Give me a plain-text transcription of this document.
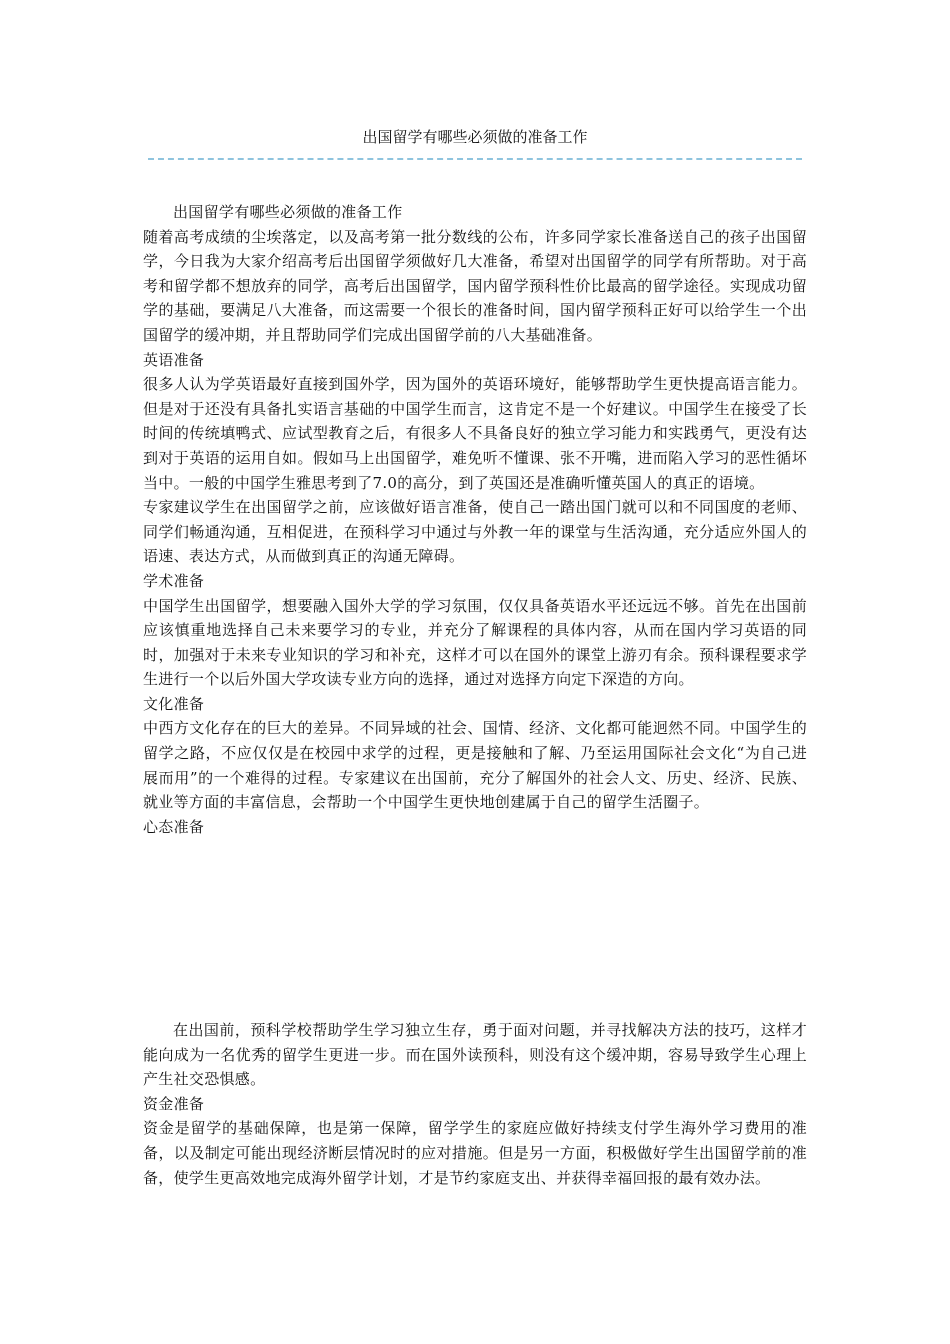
出国留学有哪些必须做的准备工作

出国留学有哪些必须做的准备工作

随着高考成绩的尘埃落定，以及高考第一批分数线的公布，许多同学家长准备送自己的孩子出国留学，今日我为大家介绍高考后出国留学须做好几大准备，希望对出国留学的同学有所帮助。对于高考和留学都不想放弃的同学，高考后出国留学，国内留学预科性价比最高的留学途径。实现成功留学的基础，要满足八大准备，而这需要一个很长的准备时间，国内留学预科正好可以给学生一个出国留学的缓冲期，并且帮助同学们完成出国留学前的八大基础准备。

英语准备

很多人认为学英语最好直接到国外学，因为国外的英语环境好，能够帮助学生更快提高语言能力。但是对于还没有具备扎实语言基础的中国学生而言，这肯定不是一个好建议。中国学生在接受了长时间的传统填鸭式、应试型教育之后，有很多人不具备良好的独立学习能力和实践勇气，更没有达到对于英语的运用自如。假如马上出国留学，难免听不懂课、张不开嘴，进而陷入学习的恶性循坏当中。一般的中国学生雅思考到了7.0的高分，到了英国还是准确听懂英国人的真正的语境。

专家建议学生在出国留学之前，应该做好语言准备，使自己一踏出国门就可以和不同国度的老师、同学们畅通沟通，互相促进，在预科学习中通过与外教一年的课堂与生活沟通，充分适应外国人的语速、表达方式，从而做到真正的沟通无障碍。

学术准备

中国学生出国留学，想要融入国外大学的学习氛围，仅仅具备英语水平还远远不够。首先在出国前应该慎重地选择自己未来要学习的专业，并充分了解课程的具体内容，从而在国内学习英语的同时，加强对于未来专业知识的学习和补充，这样才可以在国外的课堂上游刃有余。预科课程要求学生进行一个以后外国大学攻读专业方向的选择，通过对选择方向定下深造的方向。

文化准备

中西方文化存在的巨大的差异。不同异域的社会、国情、经济、文化都可能迥然不同。中国学生的留学之路，不应仅仅是在校园中求学的过程，更是接触和了解、乃至运用国际社会文化“为自己进展而用”的一个难得的过程。专家建议在出国前，充分了解国外的社会人文、历史、经济、民族、就业等方面的丰富信息，会帮助一个中国学生更快地创建属于自己的留学生活圈子。

心态准备

在出国前，预科学校帮助学生学习独立生存，勇于面对问题，并寻找解决方法的技巧，这样才能向成为一名优秀的留学生更进一步。而在国外读预科，则没有这个缓冲期，容易导致学生心理上产生社交恐惧感。

资金准备

资金是留学的基础保障，也是第一保障，留学学生的家庭应做好持续支付学生海外学习费用的准备，以及制定可能出现经济断层情况时的应对措施。但是另一方面，积极做好学生出国留学前的准备，使学生更高效地完成海外留学计划，才是节约家庭支出、并获得幸福回报的最有效办法。
